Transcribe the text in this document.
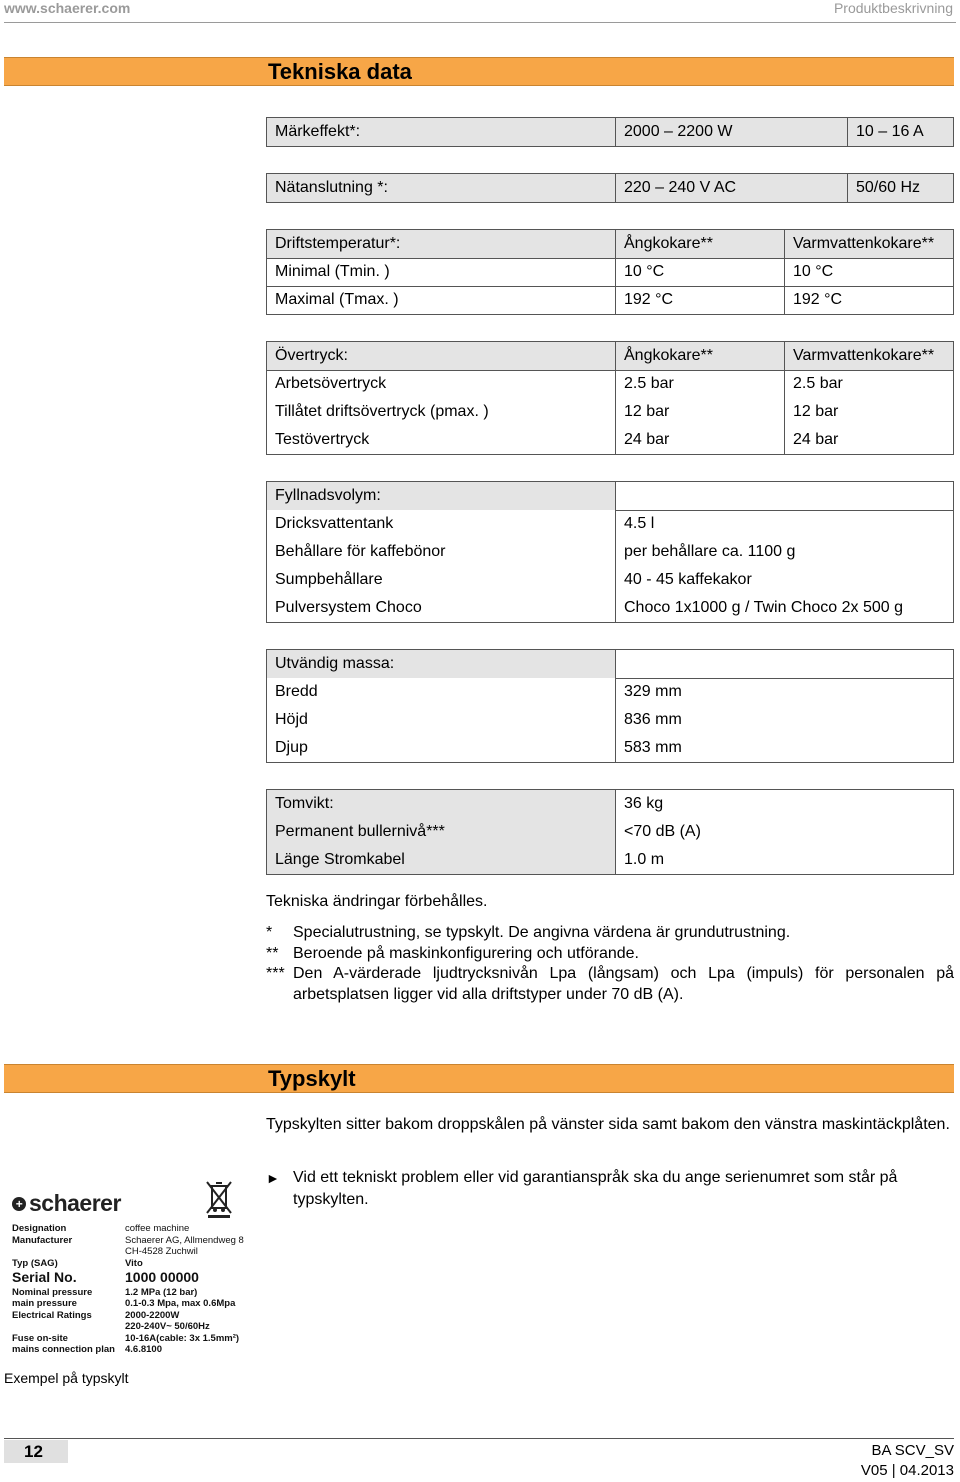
www.schaerer.com	Produktbeskrivning
Tekniska data
Märkeffekt*:	2000 – 2200 W	10 – 16 A
Nätanslutning *:	220 – 240 V AC	50/60 Hz
Driftstemperatur*:	Ångkokare**	Varmvattenkokare**
Minimal (Tmin. )	10 °C	10 °C
Maximal (Tmax. )	192 °C	192 °C
Övertryck:	Ångkokare**	Varmvattenkokare**
Arbetsövertryck	2.5 bar	2.5 bar
Tillåtet driftsövertryck (pmax. )	12 bar	12 bar
Testövertryck	24 bar	24 bar
Fyllnadsvolym:
Dricksvattentank	4.5 l
Behållare för kaffebönor	per behållare ca. 1100 g
Sumpbehållare	40 - 45 kaffekakor
Pulversystem Choco	Choco 1x1000 g / Twin Choco 2x 500 g
Utvändig massa:
Bredd	329 mm
Höjd	836 mm
Djup	583 mm
Tomvikt:	36 kg
Permanent bullernivå***	<70 dB (A)
Länge Stromkabel	1.0 m
Tekniska ändringar förbehålles.
* Specialutrustning, se typskylt. De angivna värdena är grundutrustning.
** Beroende på maskinkonfigurering och utförande.
*** Den A-värderade ljudtrycksnivån Lpa (långsam) och Lpa (impuls) för personalen på arbetsplatsen ligger vid alla driftstyper under 70 dB (A).
Typskylt
Typskylten sitter bakom droppskålen på vänster sida samt bakom den vänstra maskintäckplåten.
► Vid ett tekniskt problem eller vid garantianspråk ska du ange serienumret som står på typskylten.
+ schaerer
Designation	coffee machine
Manufacturer	Schaerer AG, Allmendweg 8
CH-4528 Zuchwil
Typ (SAG)	Vito
Serial No.	1000 00000
Nominal pressure	1.2 MPa (12 bar)
main pressure	0.1-0.3 Mpa, max 0.6Mpa
Electrical Ratings	2000-2200W
220-240V~ 50/60Hz
Fuse on-site	10-16A(cable: 3x 1.5mm²)
mains connection plan 4.6.8100
Exempel på typskylt
12	BA SCV_SV
V05 | 04.2013
